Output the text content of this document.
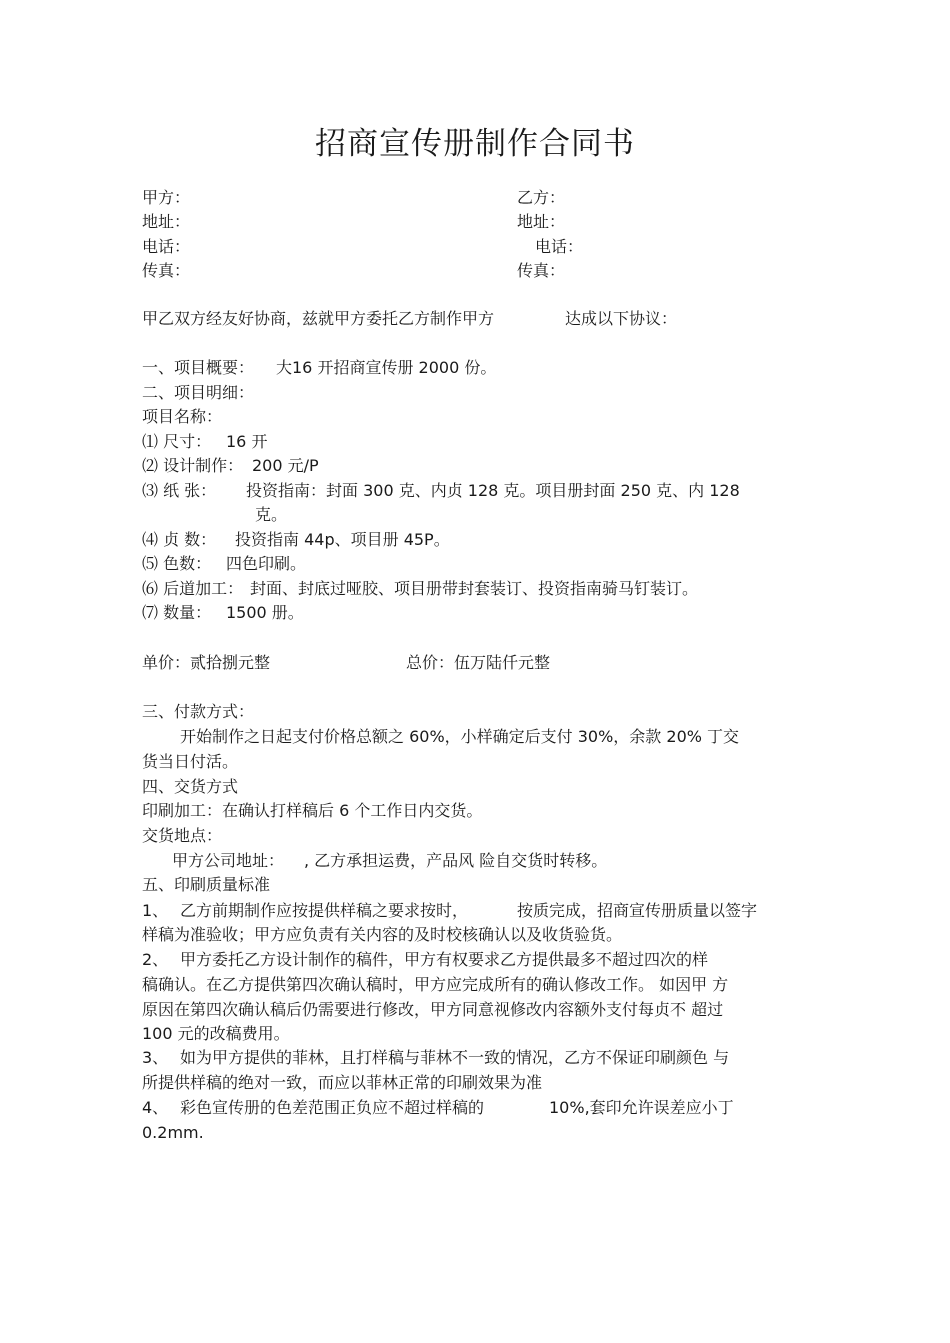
招商宣传册制作合同书
甲方：	乙方：
地址：	地址：
电话：	电话：
传真：	传真：
甲乙双方经友好协商，兹就甲方委托乙方制作甲方	达成以下协议：
一、项目概要： 大16 开招商宣传册 2000 份。
二、项目明细：
项目名称：
⑴ 尺寸： 16 开
⑵ 设计制作： 200 元/P
⑶ 纸 张： 投资指南：封面 300 克、内贞 128 克。项目册封面 250 克、内 128
克。
⑷ 贞 数： 投资指南 44p、项目册 45P。
⑸ 色数： 四色印刷。
⑹ 后道加工： 封面、封底过哑胶、项目册带封套装订、投资指南骑马钉装订。
⑺ 数量： 1500 册。
单价：贰拾捌元整	总价：伍万陆仟元整
三、付款方式：
开始制作之日起支付价格总额之 60%，小样确定后支付 30%，余款 20% 丁交
货当日付活。
四、交货方式
印刷加工：在确认打样稿后 6 个工作日内交货。
交货地点：
甲方公司地址： , 乙方承担运费，产品风 险自交货时转移。
五、印刷质量标准
1、 乙方前期制作应按提供样稿之要求按时，	按质完成，招商宣传册质量以签字
样稿为准验收；甲方应负责有关内容的及时校核确认以及收货验货。
2、 甲方委托乙方设计制作的稿件，甲方有权要求乙方提供最多不超过四次的样
稿确认。在乙方提供第四次确认稿时，甲方应完成所有的确认修改工作。 如因甲 方
原因在第四次确认稿后仍需要进行修改，甲方同意视修改内容额外支付每贞不 超过
100 元的改稿费用。
3、 如为甲方提供的菲林，且打样稿与菲林不一致的情况，乙方不保证印刷颜色 与
所提供样稿的绝对一致，而应以菲林正常的印刷效果为准
4、 彩色宣传册的色差范围正负应不超过样稿的	10%,套印允许误差应小丁
0.2mm.
